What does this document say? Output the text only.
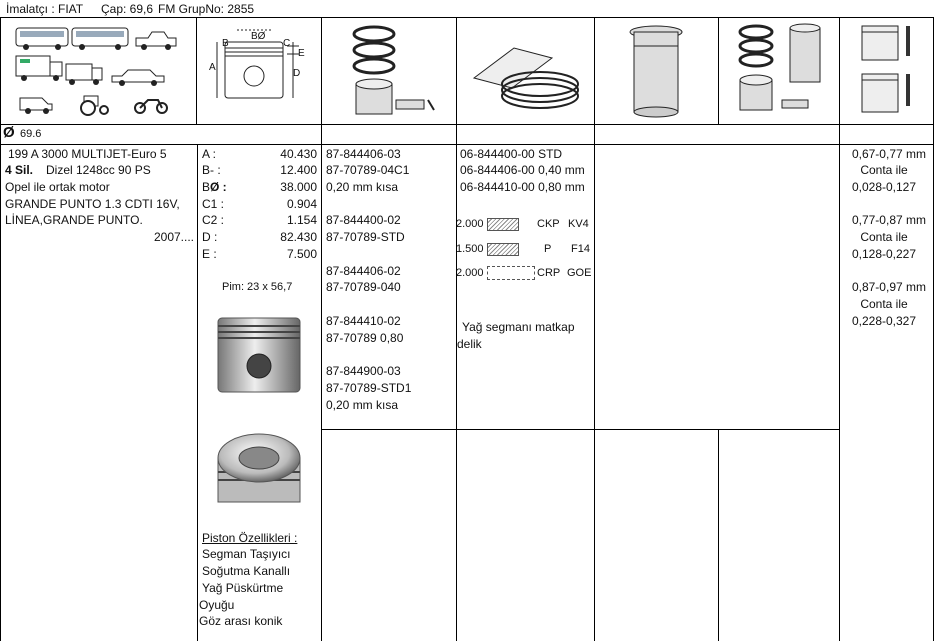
İmalatçı : FIAT Çap: 69,6 FM GrupNo: 2855
B
BØ
C
E
A
D
Ø 69.6
199 A 3000 MULTIJET-Euro 5
4 Sil. Dizel 1248cc 90 PS
Opel ile ortak motor
GRANDE PUNTO 1.3 CDTI 16V,
LİNEA,GRANDE PUNTO.
2007....
A :	40.430
B- :	12.400
BØ :	38.000
C1 :	0.904
C2 :	1.154
D :	82.430
E :	7.500
Pim: 23 x 56,7
Piston Özellikleri :
Segman Taşıyıcı
Soğutma Kanallı
Yağ Püskürtme
Oyuğu
Göz arası konik
87-844406-03
87-70789-04C1
0,20 mm kısa
87-844400-02
87-70789-STD
87-844406-02
87-70789-040
87-844410-02
87-70789 0,80
87-844900-03
87-70789-STD1
0,20 mm kısa
06-844400-00 STD
06-844406-00 0,40 mm
06-844410-00 0,80 mm
2.000	CKP KV4
1.500	P F14
2.000	CRP GOE
Yağ segmanı matkap
delik
0,67-0,77 mm
Conta ile
0,028-0,127
0,77-0,87 mm
Conta ile
0,128-0,227
0,87-0,97 mm
Conta ile
0,228-0,327
